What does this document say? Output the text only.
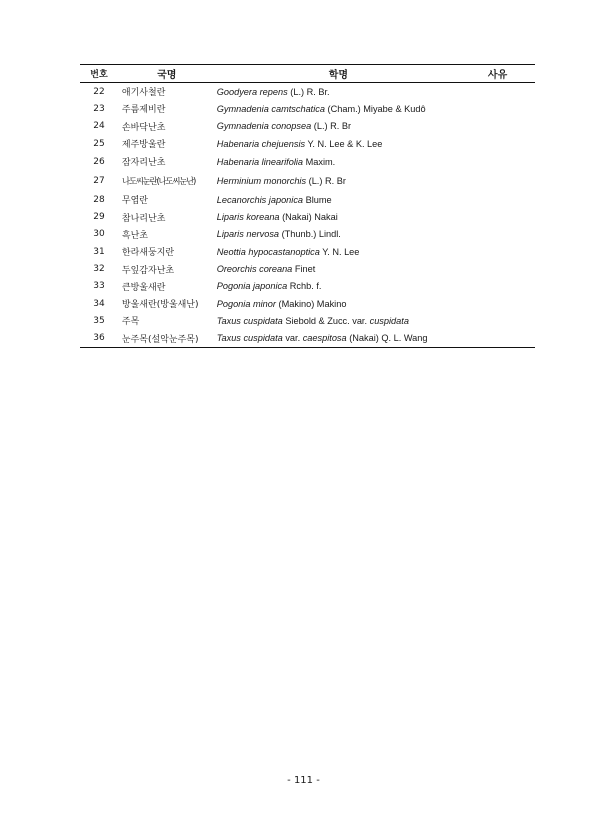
번호	국명	학명	사유
22	애기사철란	Goodyera repens (L.) R. Br.
23	주름제비란	Gymnadenia camtschatica (Cham.) Miyabe & Kudô
24	손바닥난초	Gymnadenia conopsea (L.) R. Br
25	제주방울란	Habenaria chejuensis Y. N. Lee & K. Lee
26	잠자리난초	Habenaria linearifolia Maxim.
27	나도씨눈란(나도씨눈난)	Herminium monorchis (L.) R. Br
28	무엽란	Lecanorchis japonica Blume
29	참나리난초	Liparis koreana (Nakai) Nakai
30	흑난초	Liparis nervosa (Thunb.) Lindl.
31	한라새둥지란	Neottia hypocastanoptica Y. N. Lee
32	두잎감자난초	Oreorchis coreana Finet
33	큰방울새란	Pogonia japonica Rchb. f.
34	방울새란(방울새난)	Pogonia minor (Makino) Makino
35	주목	Taxus cuspidata Siebold & Zucc. var. cuspidata
36	눈주목(설악눈주목)	Taxus cuspidata var. caespitosa (Nakai) Q. L. Wang
- 111 -
